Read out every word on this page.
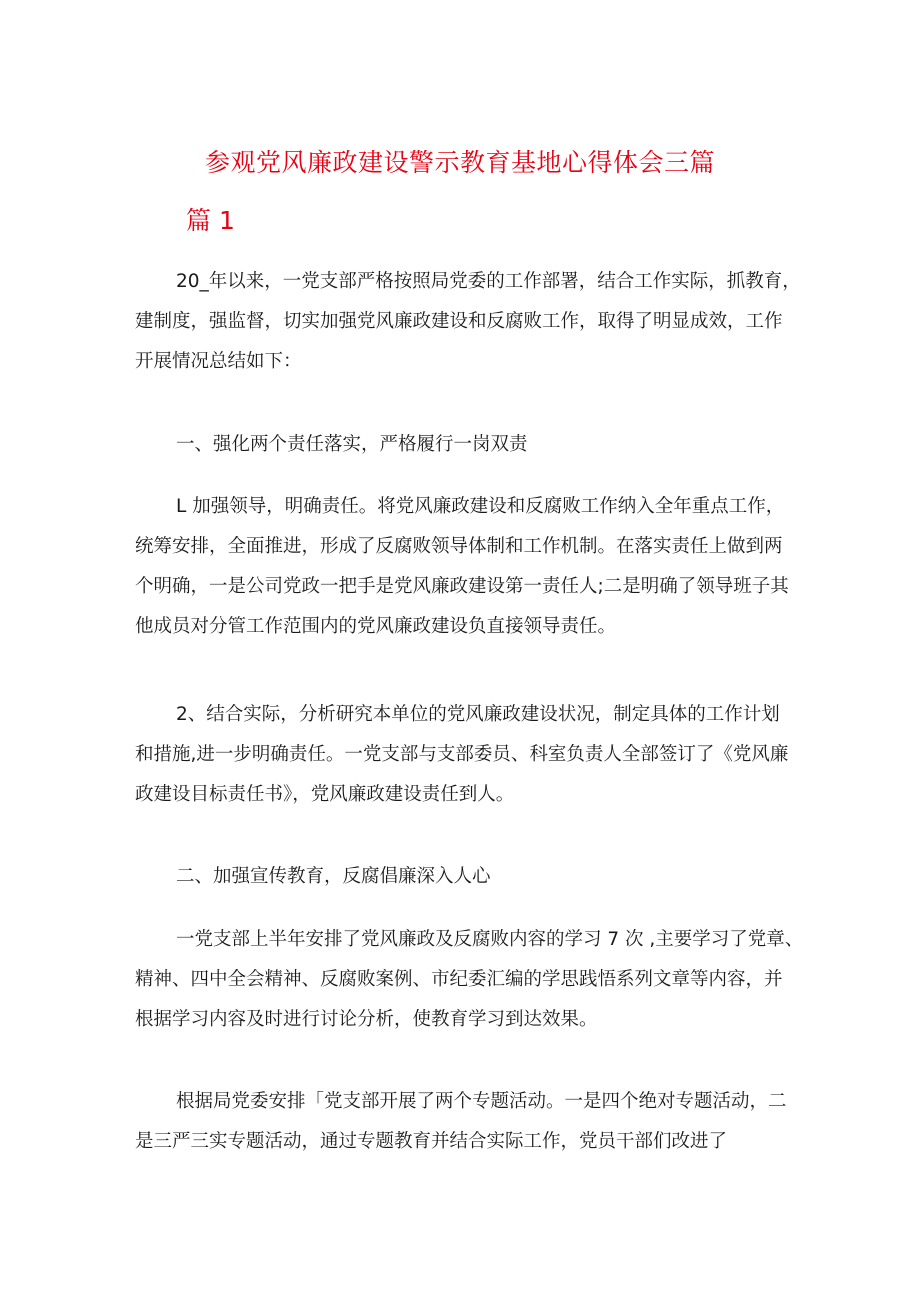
参观党风廉政建设警示教育基地心得体会三篇
篇 1

20_年以来，一党支部严格按照局党委的工作部署，结合工作实际，抓教育，
建制度，强监督，切实加强党风廉政建设和反腐败工作，取得了明显成效，工作
开展情况总结如下：

一、强化两个责任落实，严格履行一岗双责

L 加强领导，明确责任。将党风廉政建设和反腐败工作纳入全年重点工作，
统筹安排，全面推进，形成了反腐败领导体制和工作机制。在落实责任上做到两
个明确，一是公司党政一把手是党风廉政建设第一责任人;二是明确了领导班子其
他成员对分管工作范围内的党风廉政建设负直接领导责任。

2、结合实际，分析研究本单位的党风廉政建设状况，制定具体的工作计划
和措施,进一步明确责任。一党支部与支部委员、科室负责人全部签订了《党风廉
政建设目标责任书》，党风廉政建设责任到人。

二、加强宣传教育，反腐倡廉深入人心

一党支部上半年安排了党风廉政及反腐败内容的学习 7 次 ,主要学习了党章、
精神、四中全会精神、反腐败案例、市纪委汇编的学思践悟系列文章等内容，并
根据学习内容及时进行讨论分析，使教育学习到达效果。

根据局党委安排「党支部开展了两个专题活动。一是四个绝对专题活动，二
是三严三实专题活动，通过专题教育并结合实际工作，党员干部们改进了
